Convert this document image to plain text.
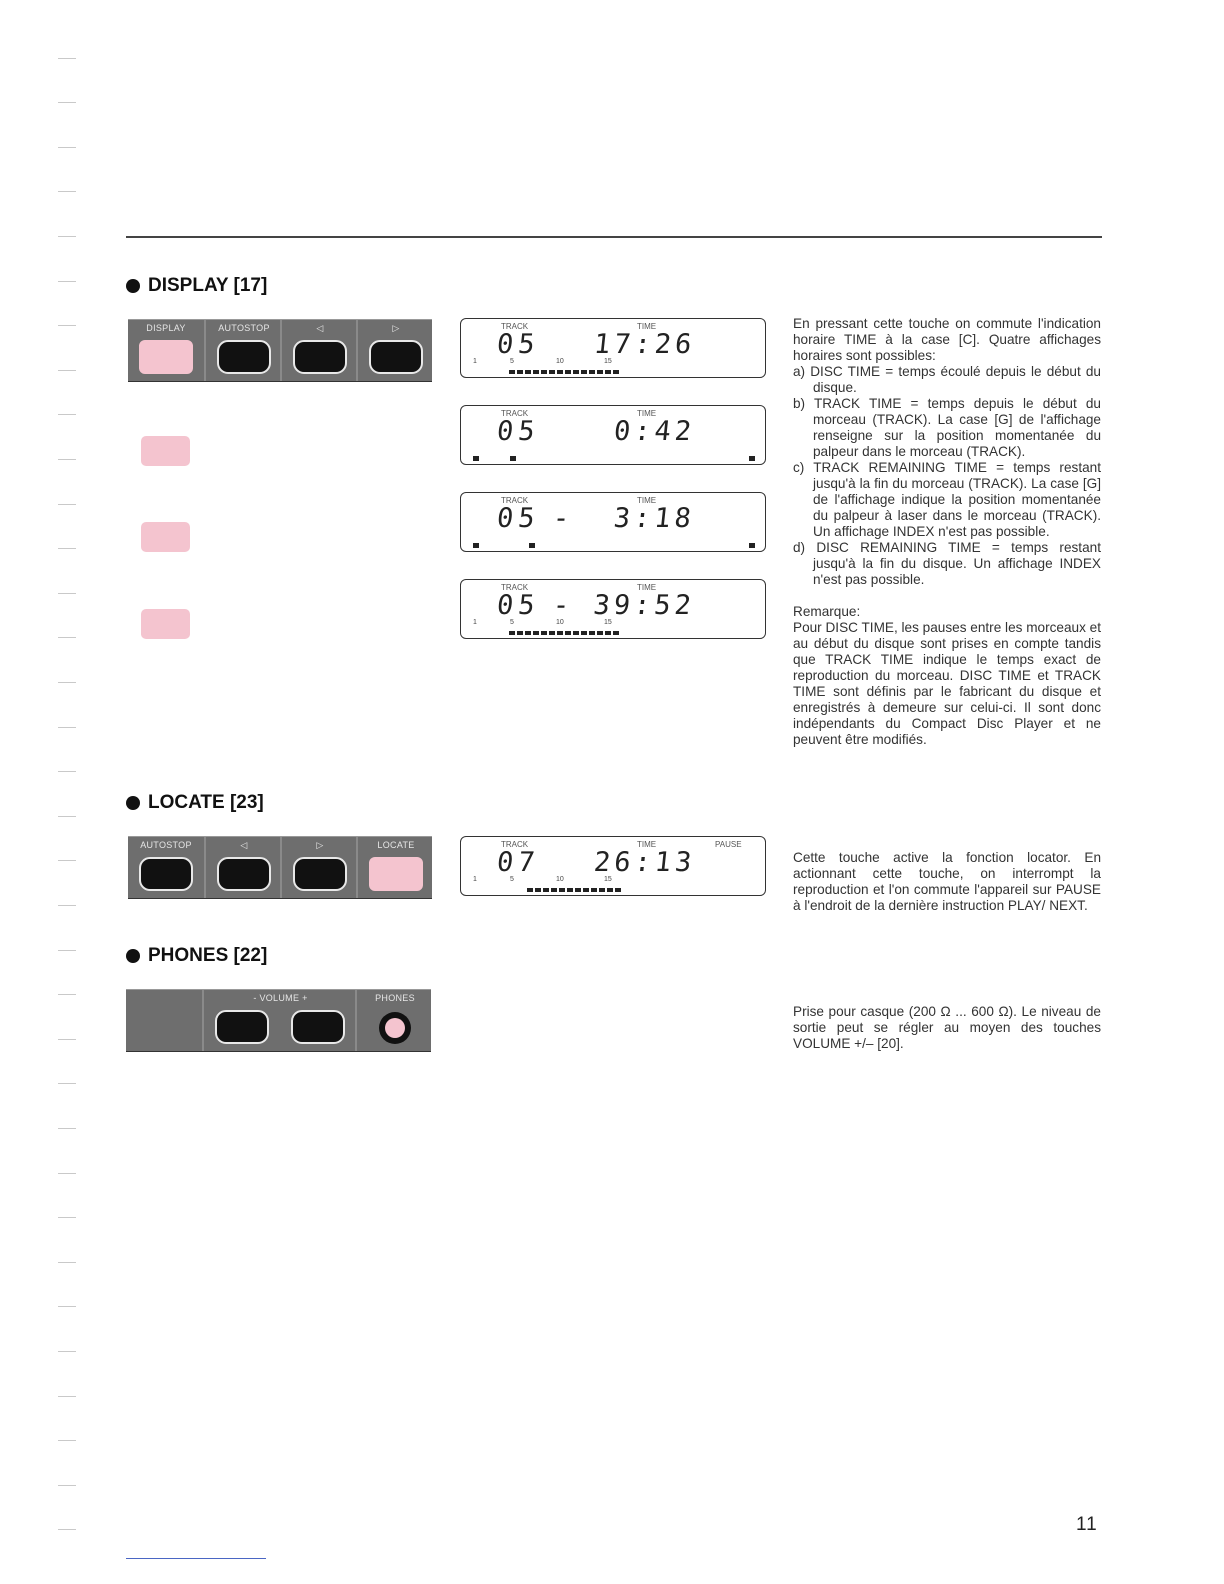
DISPLAY [17]
DISPLAY	AUTOSTOP	◁	▷	TRACK	TIME
05 17:26
1	5	10	15
TRACK	TIME
05	0:42
TRACK	TIME
05 -  3:18
TRACK	TIME
05 - 39:52
1	5	10	15

En pressant cette touche on commute l'indication horaire TIME à la case [C]. Quatre affichages horaires sont possibles:

a) DISC TIME = temps écoulé depuis le début du disque.

b) TRACK TIME = temps depuis le début du morceau (TRACK). La case [G] de l'affichage renseigne sur la position momentanée du palpeur dans le morceau (TRACK).

c) TRACK REMAINING TIME = temps restant jusqu'à la fin du morceau (TRACK). La case [G] de l'affichage indique la position momentanée du palpeur à laser dans le morceau (TRACK). Un affichage INDEX n'est pas possible.

d) DISC REMAINING TIME = temps restant jusqu'à la fin du disque. Un affichage INDEX n'est pas possible.

Remarque:

Pour DISC TIME, les pauses entre les morceaux et au début du disque sont prises en compte tandis que TRACK TIME indique le temps exact de reproduction du morceau. DISC TIME et TRACK TIME sont définis par le fabricant du disque et enregistrés à demeure sur celui-ci. Il sont donc indépendants du Compact Disc Player et ne peuvent être modifiés.

LOCATE [23]
AUTOSTOP	◁	▷	LOCATE	TRACK	TIME	PAUSE
07 26:13
1	5	10	15

Cette touche active la fonction locator. En actionnant cette touche, on interrompt la reproduction et l'on commute l'appareil sur PAUSE à l'endroit de la dernière instruction PLAY/ NEXT.

PHONES [22]
- VOLUME +	PHONES

Prise pour casque (200 Ω ... 600 Ω). Le niveau de sortie peut se régler au moyen des touches VOLUME +/– [20].

11
